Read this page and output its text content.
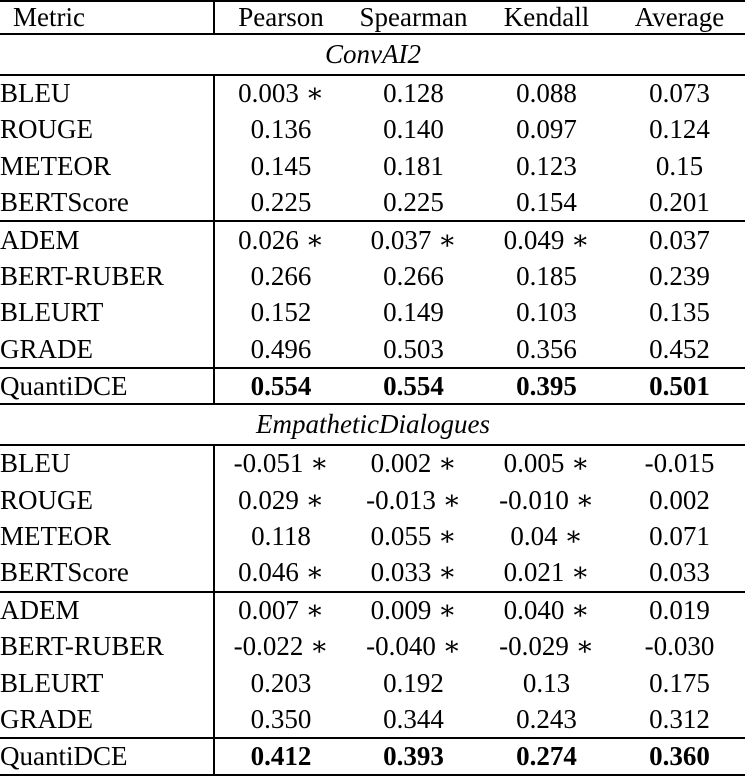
Metric	Pearson	Spearman	Kendall	Average
ConvAI2				
BLEU	0.003 ∗	0.128	0.088	0.073
ROUGE	0.136	0.140	0.097	0.124
METEOR	0.145	0.181	0.123	0.15
BERTScore	0.225	0.225	0.154	0.201
ADEM	0.026 ∗	0.037 ∗	0.049 ∗	0.037
BERT-RUBER	0.266	0.266	0.185	0.239
BLEURT	0.152	0.149	0.103	0.135
GRADE	0.496	0.503	0.356	0.452
QuantiDCE	0.554	0.554	0.395	0.501
EmpatheticDialogues				
BLEU	-0.051 ∗	0.002 ∗	0.005 ∗	-0.015
ROUGE	0.029 ∗	-0.013 ∗	-0.010 ∗	0.002
METEOR	0.118	0.055 ∗	0.04 ∗	0.071
BERTScore	0.046 ∗	0.033 ∗	0.021 ∗	0.033
ADEM	0.007 ∗	0.009 ∗	0.040 ∗	0.019
BERT-RUBER	-0.022 ∗	-0.040 ∗	-0.029 ∗	-0.030
BLEURT	0.203	0.192	0.13	0.175
GRADE	0.350	0.344	0.243	0.312
QuantiDCE	0.412	0.393	0.274	0.360
